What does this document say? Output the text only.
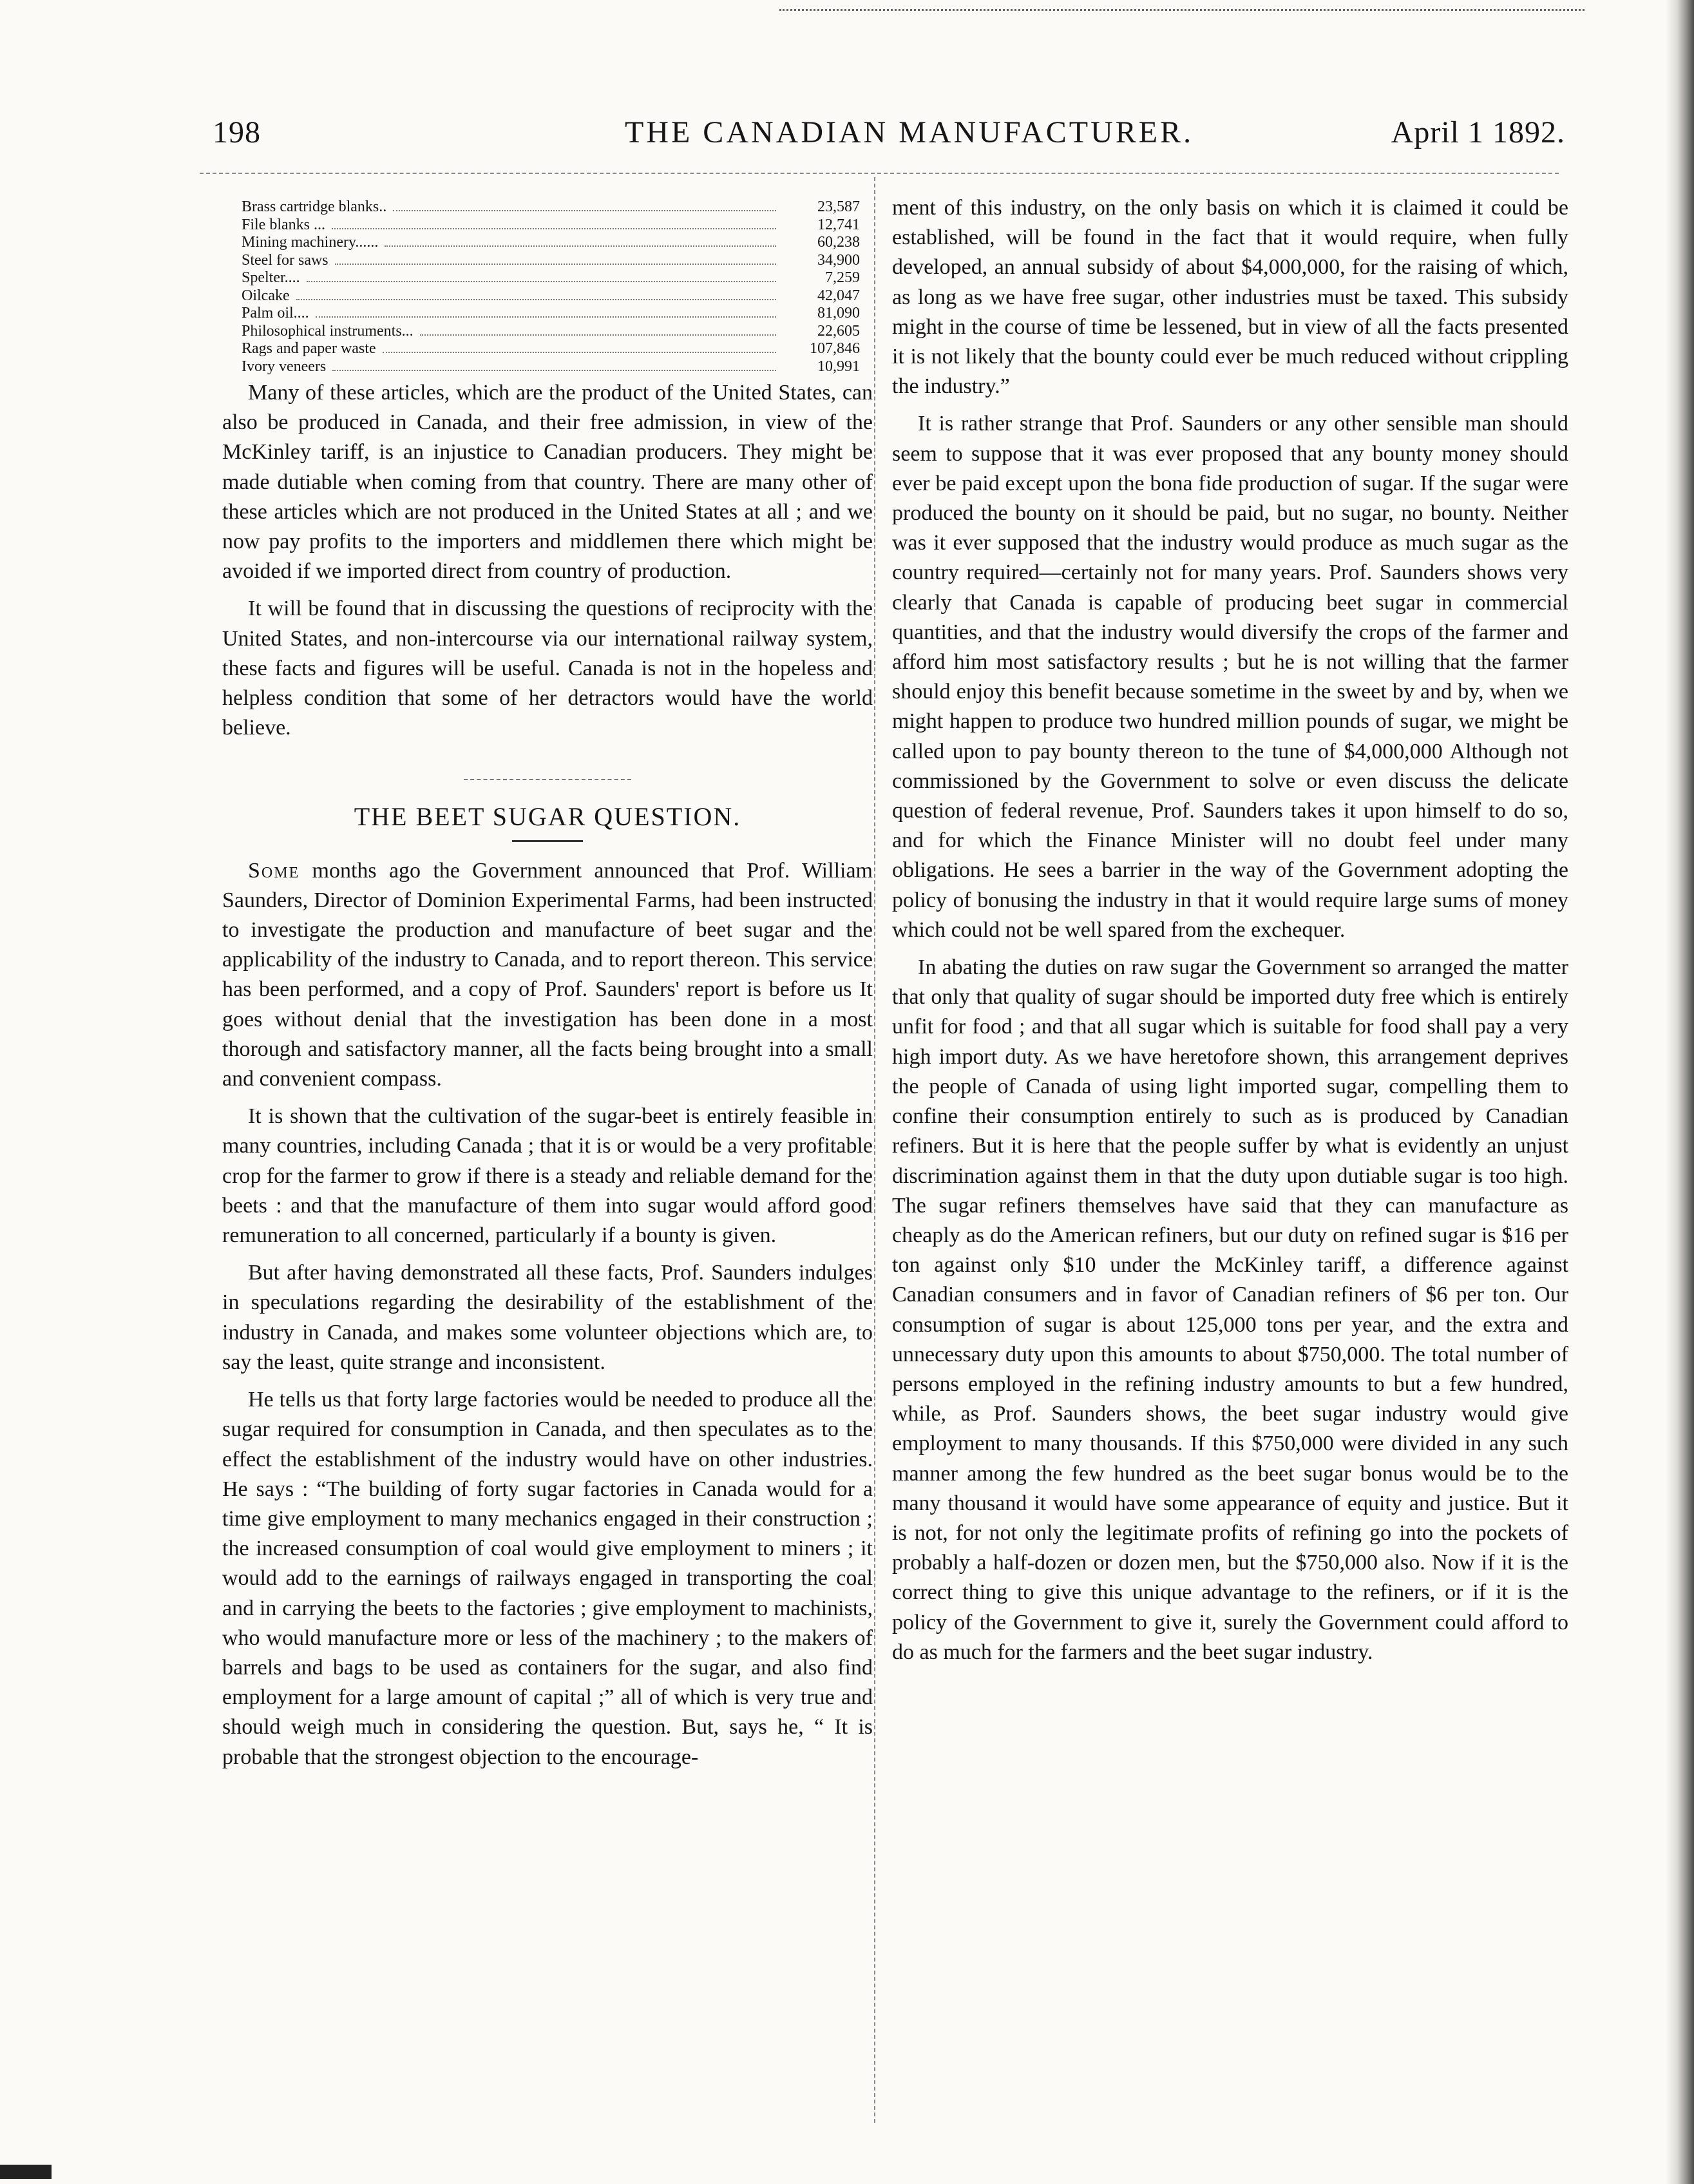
198	THE CANADIAN MANUFACTURER.	April 1 1892.
Brass cartridge blanks..	23,587
File blanks ...	12,741
Mining machinery......	60,238
Steel for saws	34,900
Spelter....	7,259
Oilcake	42,047
Palm oil....	81,090
Philosophical instruments...	22,605
Rags and paper waste	107,846
Ivory veneers	10,991

Many of these articles, which are the product of the United States, can also be produced in Canada, and their free admission, in view of the McKinley tariff, is an injustice to Canadian producers. They might be made dutiable when coming from that country. There are many other of these articles which are not produced in the United States at all ; and we now pay profits to the importers and middlemen there which might be avoided if we imported direct from country of production.

It will be found that in discussing the questions of reciprocity with the United States, and non-intercourse via our international railway system, these facts and figures will be useful. Canada is not in the hopeless and helpless condition that some of her detractors would have the world believe.

THE BEET SUGAR QUESTION.

Some months ago the Government announced that Prof. William Saunders, Director of Dominion Experimental Farms, had been instructed to investigate the production and manufacture of beet sugar and the applicability of the industry to Canada, and to report thereon. This service has been performed, and a copy of Prof. Saunders' report is before us It goes without denial that the investigation has been done in a most thorough and satisfactory manner, all the facts being brought into a small and convenient compass.

It is shown that the cultivation of the sugar-beet is entirely feasible in many countries, including Canada ; that it is or would be a very profitable crop for the farmer to grow if there is a steady and reliable demand for the beets : and that the manufacture of them into sugar would afford good remuneration to all concerned, particularly if a bounty is given.

But after having demonstrated all these facts, Prof. Saunders indulges in speculations regarding the desirability of the establishment of the industry in Canada, and makes some volunteer objections which are, to say the least, quite strange and inconsistent.

He tells us that forty large factories would be needed to produce all the sugar required for consumption in Canada, and then speculates as to the effect the establishment of the industry would have on other industries. He says : “The building of forty sugar factories in Canada would for a time give employment to many mechanics engaged in their construction ; the increased consumption of coal would give employment to miners ; it would add to the earnings of railways engaged in transporting the coal and in carrying the beets to the factories ; give employment to machinists, who would manufacture more or less of the machinery ; to the makers of barrels and bags to be used as containers for the sugar, and also find employment for a large amount of capital ;” all of which is very true and should weigh much in considering the question. But, says he, “ It is probable that the strongest objection to the encourage-

ment of this industry, on the only basis on which it is claimed it could be established, will be found in the fact that it would require, when fully developed, an annual subsidy of about $4,000,000, for the raising of which, as long as we have free sugar, other industries must be taxed. This subsidy might in the course of time be lessened, but in view of all the facts presented it is not likely that the bounty could ever be much reduced without crippling the industry.”

It is rather strange that Prof. Saunders or any other sensible man should seem to suppose that it was ever proposed that any bounty money should ever be paid except upon the bona fide production of sugar. If the sugar were produced the bounty on it should be paid, but no sugar, no bounty. Neither was it ever supposed that the industry would produce as much sugar as the country required—certainly not for many years. Prof. Saunders shows very clearly that Canada is capable of producing beet sugar in commercial quantities, and that the industry would diversify the crops of the farmer and afford him most satisfactory results ; but he is not willing that the farmer should enjoy this benefit because sometime in the sweet by and by, when we might happen to produce two hundred million pounds of sugar, we might be called upon to pay bounty thereon to the tune of $4,000,000 Although not commissioned by the Government to solve or even discuss the delicate question of federal revenue, Prof. Saunders takes it upon himself to do so, and for which the Finance Minister will no doubt feel under many obligations. He sees a barrier in the way of the Government adopting the policy of bonusing the industry in that it would require large sums of money which could not be well spared from the exchequer.

In abating the duties on raw sugar the Government so arranged the matter that only that quality of sugar should be imported duty free which is entirely unfit for food ; and that all sugar which is suitable for food shall pay a very high import duty. As we have heretofore shown, this arrangement deprives the people of Canada of using light imported sugar, compelling them to confine their consumption entirely to such as is produced by Canadian refiners. But it is here that the people suffer by what is evidently an unjust discrimination against them in that the duty upon dutiable sugar is too high. The sugar refiners themselves have said that they can manufacture as cheaply as do the American refiners, but our duty on refined sugar is $16 per ton against only $10 under the McKinley tariff, a difference against Canadian consumers and in favor of Canadian refiners of $6 per ton. Our consumption of sugar is about 125,000 tons per year, and the extra and unnecessary duty upon this amounts to about $750,000. The total number of persons employed in the refining industry amounts to but a few hundred, while, as Prof. Saunders shows, the beet sugar industry would give employment to many thousands. If this $750,000 were divided in any such manner among the few hundred as the beet sugar bonus would be to the many thousand it would have some appearance of equity and justice. But it is not, for not only the legitimate profits of refining go into the pockets of probably a half-dozen or dozen men, but the $750,000 also. Now if it is the correct thing to give this unique advantage to the refiners, or if it is the policy of the Government to give it, surely the Government could afford to do as much for the farmers and the beet sugar industry.
